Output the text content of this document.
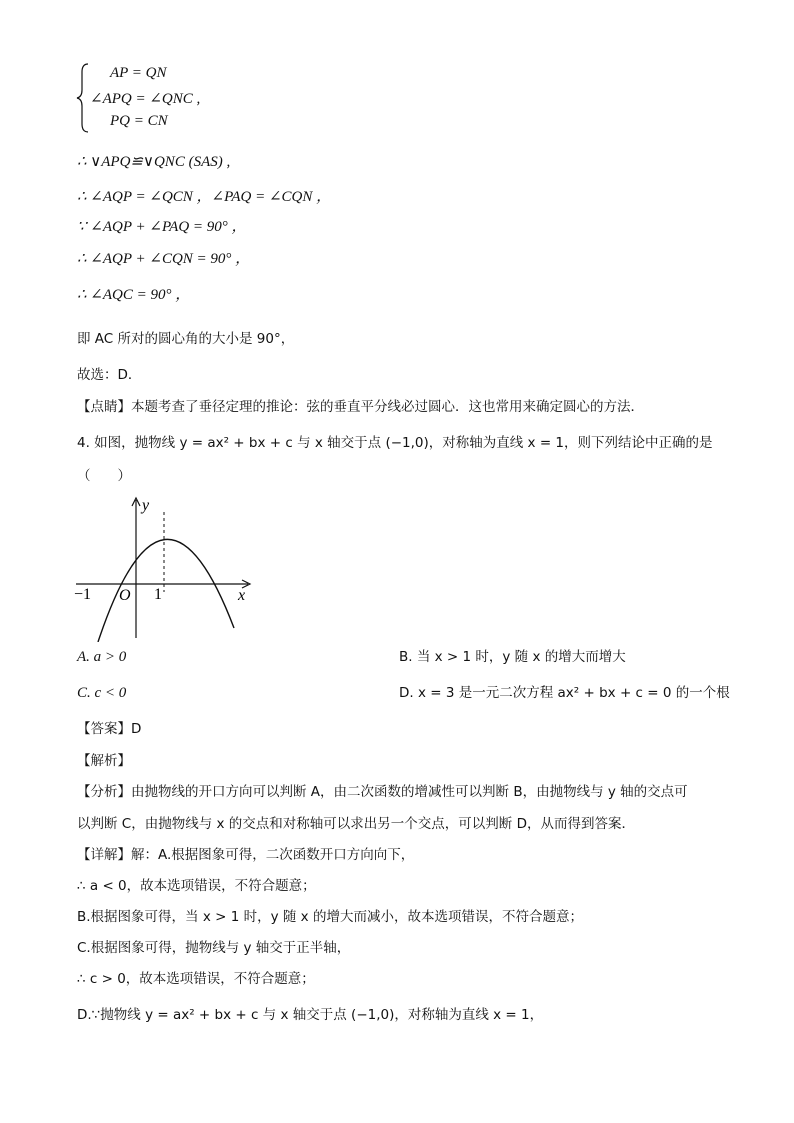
AP = QN
∠APQ = ∠QNC ,
PQ = CN
∴ ∨APQ≌∨QNC (SAS) ,
∴ ∠AQP = ∠QCN ，∠PAQ = ∠CQN ，
∵ ∠AQP + ∠PAQ = 90° ，
∴ ∠AQP + ∠CQN = 90° ，
∴ ∠AQC = 90° ，
即 AC 所对的圆心角的大小是 90°，
故选：D．
【点睛】本题考查了垂径定理的推论：弦的垂直平分线必过圆心．这也常用来确定圆心的方法．
4. 如图，抛物线 y = ax² + bx + c 与 x 轴交于点 (−1,0)，对称轴为直线 x = 1，则下列结论中正确的是
（　　）
y
x
O
−1	1
A. a > 0	B. 当 x > 1 时，y 随 x 的增大而增大
C. c < 0	D. x = 3 是一元二次方程 ax² + bx + c = 0 的一个根
【答案】D
【解析】
【分析】由抛物线的开口方向可以判断 A，由二次函数的增减性可以判断 B，由抛物线与 y 轴的交点可
以判断 C，由抛物线与 x 的交点和对称轴可以求出另一个交点，可以判断 D，从而得到答案．
【详解】解：A.根据图象可得，二次函数开口方向向下，
∴ a < 0，故本选项错误，不符合题意；
B.根据图象可得，当 x > 1 时，y 随 x 的增大而减小，故本选项错误，不符合题意；
C.根据图象可得，抛物线与 y 轴交于正半轴，
∴ c > 0，故本选项错误，不符合题意；
D.∵抛物线 y = ax² + bx + c 与 x 轴交于点 (−1,0)，对称轴为直线 x = 1，
